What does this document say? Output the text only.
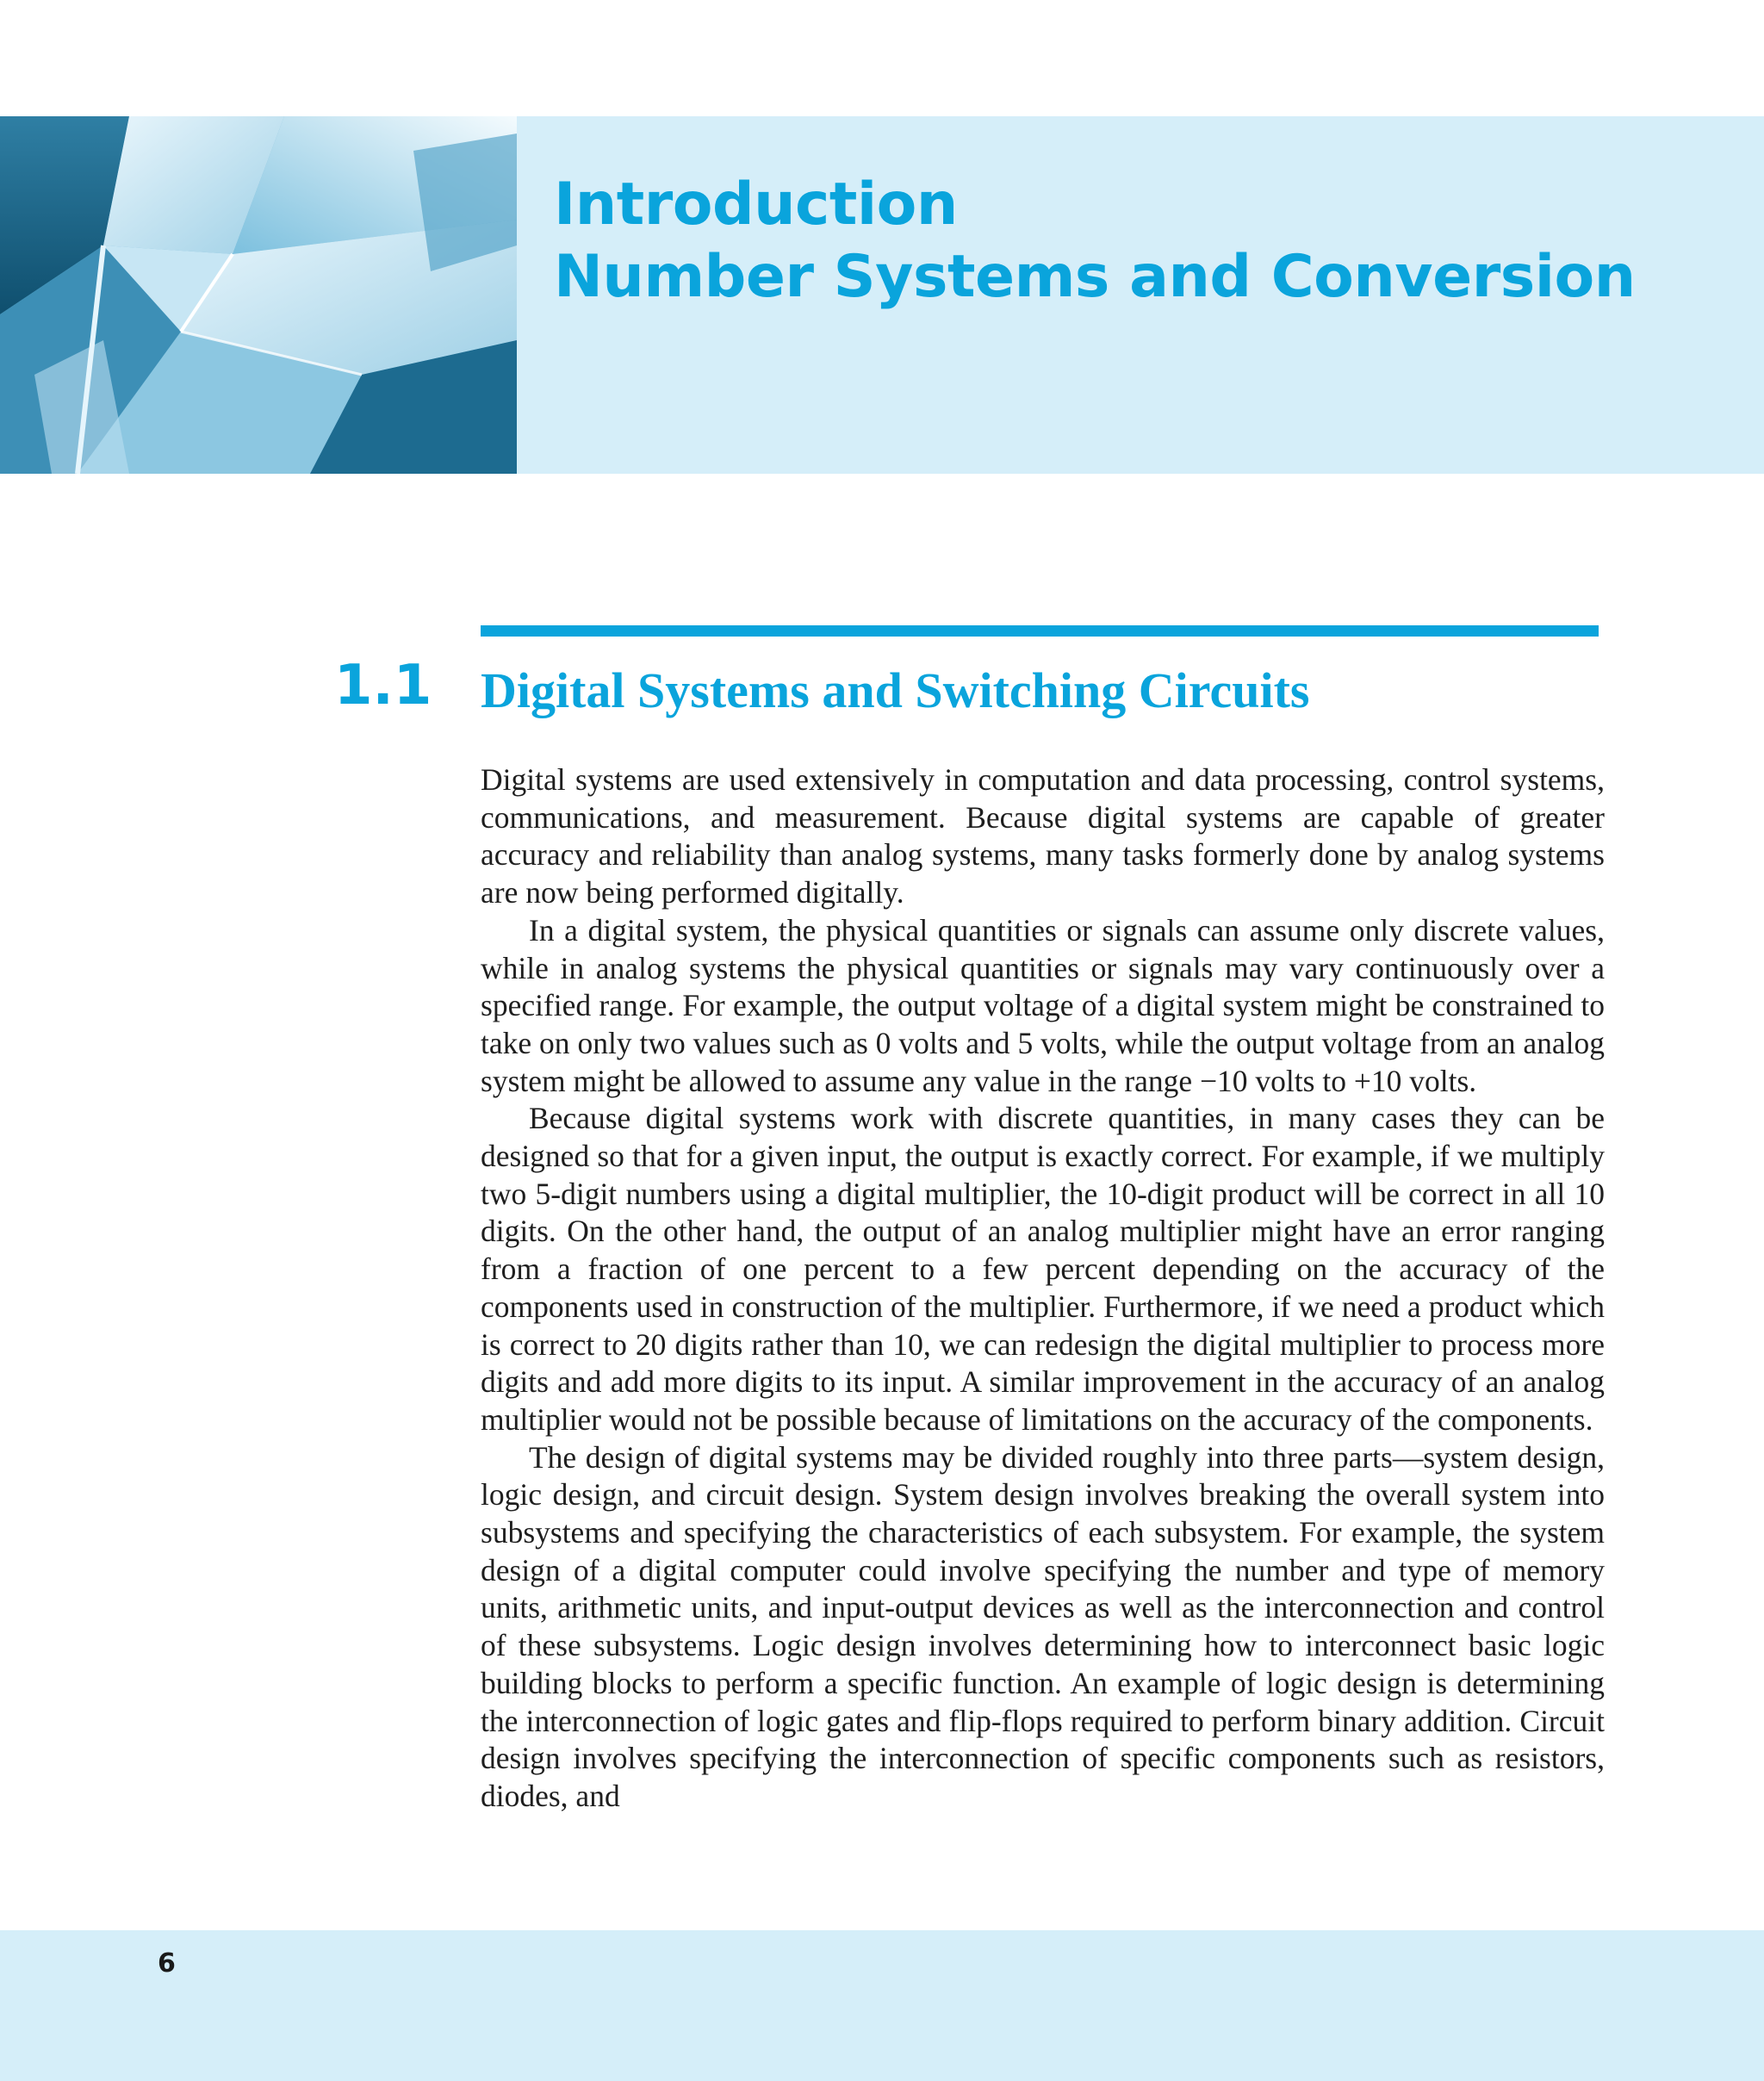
Introduction
Number Systems and Conversion
1.1 Digital Systems and Switching Circuits

Digital systems are used extensively in computation and data processing, control systems, communications, and measurement. Because digital systems are capable of greater accuracy and reliability than analog systems, many tasks formerly done by analog systems are now being performed digitally.

In a digital system, the physical quantities or signals can assume only discrete values, while in analog systems the physical quantities or signals may vary continuously over a specified range. For example, the output voltage of a digital system might be constrained to take on only two values such as 0 volts and 5 volts, while the output voltage from an analog system might be allowed to assume any value in the range −10 volts to +10 volts.

Because digital systems work with discrete quantities, in many cases they can be designed so that for a given input, the output is exactly correct. For example, if we multiply two 5-digit numbers using a digital multiplier, the 10-digit product will be correct in all 10 digits. On the other hand, the output of an analog multiplier might have an error ranging from a fraction of one percent to a few percent depending on the accuracy of the components used in construction of the multiplier. Furthermore, if we need a product which is correct to 20 digits rather than 10, we can redesign the digital multiplier to process more digits and add more digits to its input. A similar improvement in the accuracy of an analog multiplier would not be possible because of limitations on the accuracy of the components.

The design of digital systems may be divided roughly into three parts—system design, logic design, and circuit design. System design involves breaking the overall system into subsystems and specifying the characteristics of each subsystem. For example, the system design of a digital computer could involve specifying the number and type of memory units, arithmetic units, and input-output devices as well as the interconnection and control of these subsystems. Logic design involves determining how to interconnect basic logic building blocks to perform a specific function. An example of logic design is determining the interconnection of logic gates and flip-flops required to perform binary addition. Circuit design involves specifying the interconnection of specific components such as resistors, diodes, and

6
